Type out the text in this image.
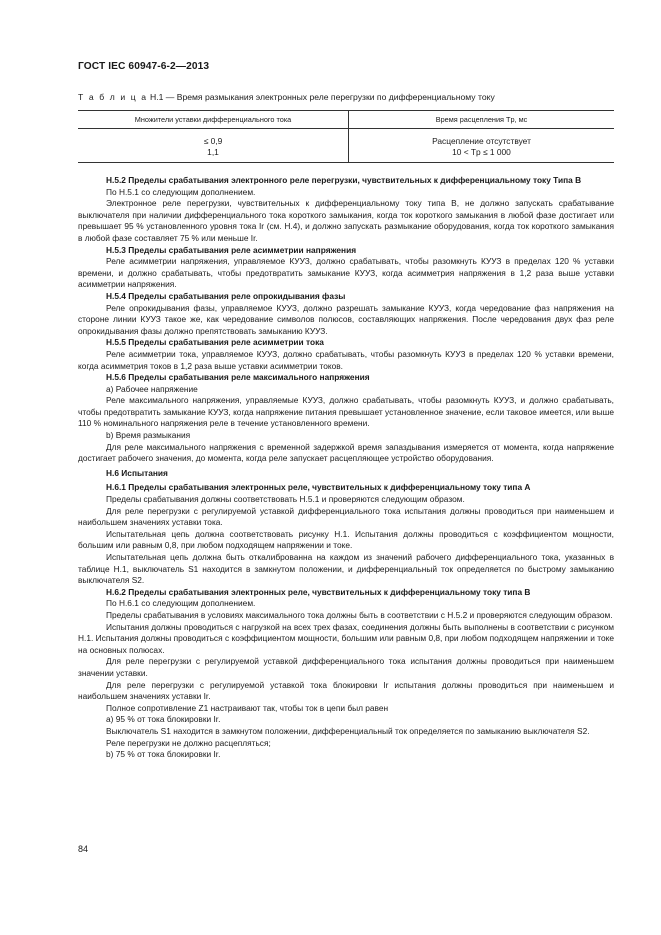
ГОСТ IEC 60947-6-2—2013
Т а б л и ц а Н.1 — Время размыкания электронных реле перегрузки по дифференциальному току
Множители уставки дифференциального тока	Время расцепления Tp, мс
≤ 0,9	Расцепление отсутствует
1,1	10 < Tp ≤ 1 000

Н.5.2 Пределы срабатывания электронного реле перегрузки, чувствительных к дифференциальному току Типа B

По Н.5.1 со следующим дополнением.

Электронное реле перегрузки, чувствительных к дифференциальному току типа В, не должно запускать срабатывание выключателя при наличии дифференциального тока короткого замыкания, когда ток короткого замыкания в любой фазе достигает или превышает 95 % установленного уровня тока Ir (см. Н.4), и должно запускать размыкание оборудования, когда ток короткого замыкания в любой фазе составляет 75 % или меньше Ir.

Н.5.3 Пределы срабатывания реле асимметрии напряжения

Реле асимметрии напряжения, управляемое КУУЗ, должно срабатывать, чтобы разомкнуть КУУЗ в пределах 120 % уставки времени, и должно срабатывать, чтобы предотвратить замыкание КУУЗ, когда асимметрия напряжения в 1,2 раза выше уставки асимметрии напряжения.

Н.5.4 Пределы срабатывания реле опрокидывания фазы

Реле опрокидывания фазы, управляемое КУУЗ, должно разрешать замыкание КУУЗ, когда чередование фаз напряжения на стороне линии КУУЗ такое же, как чередование символов полюсов, составляющих напряжения. После чередования двух фаз реле опрокидывания фазы должно препятствовать замыканию КУУЗ.

Н.5.5 Пределы срабатывания реле асимметрии тока

Реле асимметрии тока, управляемое КУУЗ, должно срабатывать, чтобы разомкнуть КУУЗ в пределах 120 % уставки времени, когда асимметрия токов в 1,2 раза выше уставки асимметрии токов.

Н.5.6 Пределы срабатывания реле максимального напряжения

а) Рабочее напряжение

Реле максимального напряжения, управляемые КУУЗ, должно срабатывать, чтобы разомкнуть КУУЗ, и должно срабатывать, чтобы предотвратить замыкание КУУЗ, когда напряжение питания превышает установленное значение, если таковое имеется, или выше 110 % номинального напряжения реле в течение установленного времени.

b) Время размыкания

Для реле максимального напряжения с временной задержкой время запаздывания измеряется от момента, когда напряжение достигает рабочего значения, до момента, когда реле запускает расцепляющее устройство оборудования.

Н.6 Испытания

Н.6.1 Пределы срабатывания электронных реле, чувствительных к дифференциальному току типа A

Пределы срабатывания должны соответствовать Н.5.1 и проверяются следующим образом.

Для реле перегрузки с регулируемой уставкой дифференциального тока испытания должны проводиться при наименьшем и наибольшем значениях уставки тока.

Испытательная цепь должна соответствовать рисунку Н.1. Испытания должны проводиться с коэффициентом мощности, большим или равным 0,8, при любом подходящем напряжении и токе.

Испытательная цепь должна быть откалиброванна на каждом из значений рабочего дифференциального тока, указанных в таблице Н.1, выключатель S1 находится в замкнутом положении, и дифференциальный ток определяется по быстрому замыканию выключателя S2.

Н.6.2 Пределы срабатывания электронных реле, чувствительных к дифференциальному току типа B

По Н.6.1 со следующим дополнением.

Пределы срабатывания в условиях максимального тока должны быть в соответствии с Н.5.2 и проверяются следующим образом.

Испытания должны проводиться с нагрузкой на всех трех фазах, соединения должны быть выполнены в соответствии с рисунком Н.1. Испытания должны проводиться с коэффициентом мощности, большим или равным 0,8, при любом подходящем напряжении и токе на основных полюсах.

Для реле перегрузки с регулируемой уставкой дифференциального тока испытания должны проводиться при наименьшем значении уставки.

Для реле перегрузки с регулируемой уставкой тока блокировки Ir испытания должны проводиться при наименьшем и наибольшем значениях уставки Ir.

Полное сопротивление Z1 настраивают так, чтобы ток в цепи был равен

а) 95 % от тока блокировки Ir.

Выключатель S1 находится в замкнутом положении, дифференциальный ток определяется по замыканию выключателя S2.

Реле перегрузки не должно расцепляться;

b) 75 % от тока блокировки Ir.

84
